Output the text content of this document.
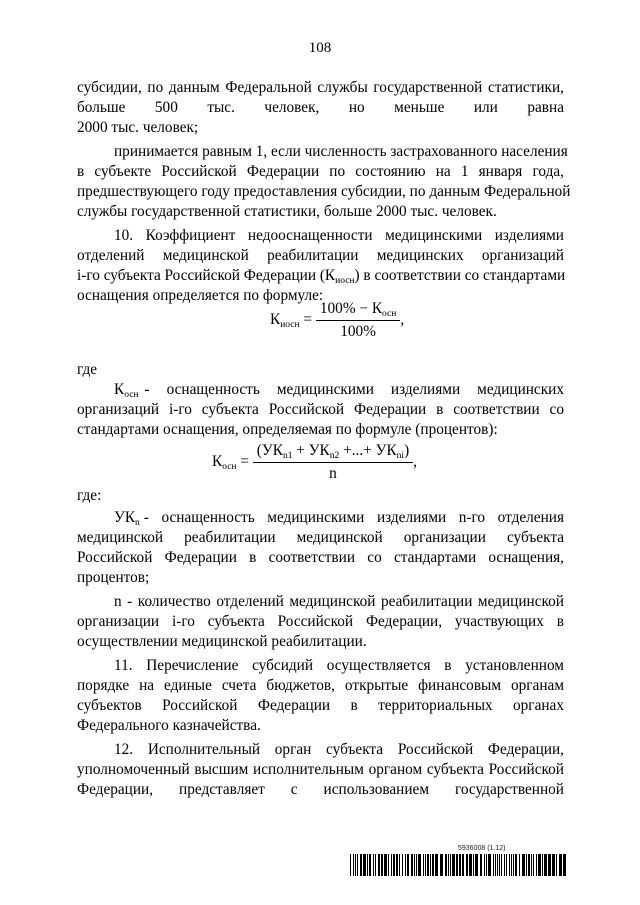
108
субсидии, по данным Федеральной службы государственной статистики,
больше 500 тыс. человек, но меньше или равна
2000 тыс. человек;
принимается равным 1, если численность застрахованного населения
в субъекте Российской Федерации по состоянию на 1 января года,
предшествующего году предоставления субсидии, по данным Федеральной
службы государственной статистики, больше 2000 тыс. человек.
10. Коэффициент недооснащенности медицинскими изделиями
отделений медицинской реабилитации медицинских организаций
i-го субъекта Российской Федерации $(К_{иосн})$ в соответствии со стандартами
оснащения определяется по формуле:
$К_{иосн} = \frac{100\% - К_{осн}}{100\%}$ ,
где
$К_{осн}$ - оснащенность медицинскими изделиями медицинских
организаций i-го субъекта Российской Федерации в соответствии со
стандартами оснащения, определяемая по формуле (процентов):
$К_{осн} = \frac{(УК_{n1} + УК_{n2} +...+ УК_{ni})}{n}$ ,
где:
$УК_n$ - оснащенность медицинскими изделиями n-го отделения
медицинской реабилитации медицинской организации субъекта
Российской Федерации в соответствии со стандартами оснащения,
процентов;
n - количество отделений медицинской реабилитации медицинской
организации i-го субъекта Российской Федерации, участвующих в
осуществлении медицинской реабилитации.
11. Перечисление субсидий осуществляется в установленном
порядке на единые счета бюджетов, открытые финансовым органам
субъектов Российской Федерации в территориальных органах
Федерального казначейства.
12. Исполнительный орган субъекта Российской Федерации,
уполномоченный высшим исполнительным органом субъекта Российской
Федерации, представляет с использованием государственной
5936008 (1.12)
